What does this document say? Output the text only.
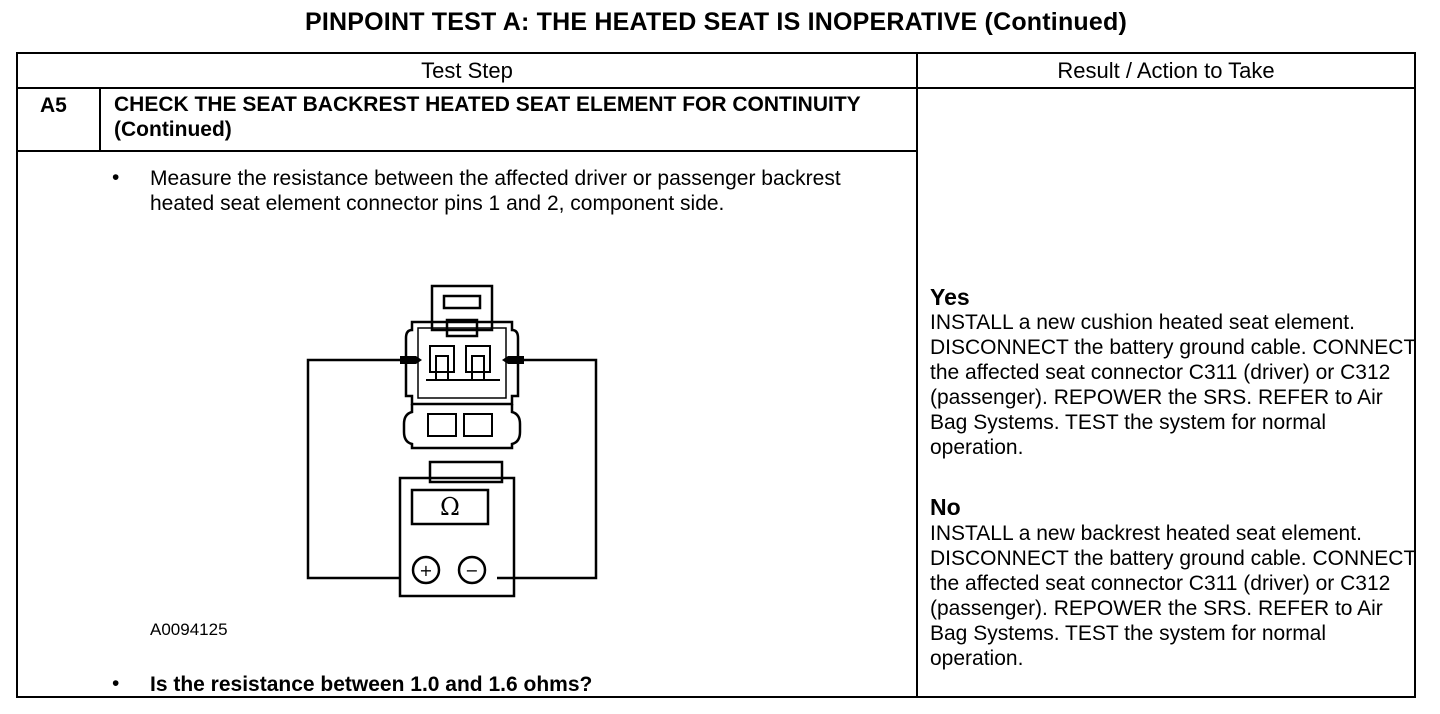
PINPOINT TEST A: THE HEATED SEAT IS INOPERATIVE (Continued)
Test Step	Result / Action to Take
A5 CHECK THE SEAT BACKREST HEATED SEAT ELEMENT FOR CONTINUITY (Continued)
• Measure the resistance between the affected driver or passenger backrest heated seat element connector pins 1 and 2, component side.
Ω
+ −
A0094125
• Is the resistance between 1.0 and 1.6 ohms?
Yes
INSTALL a new cushion heated seat element. DISCONNECT the battery ground cable. CONNECT the affected seat connector C311 (driver) or C312 (passenger). REPOWER the SRS. REFER to Air Bag Systems. TEST the system for normal operation.
No
INSTALL a new backrest heated seat element. DISCONNECT the battery ground cable. CONNECT the affected seat connector C311 (driver) or C312 (passenger). REPOWER the SRS. REFER to Air Bag Systems. TEST the system for normal operation.
